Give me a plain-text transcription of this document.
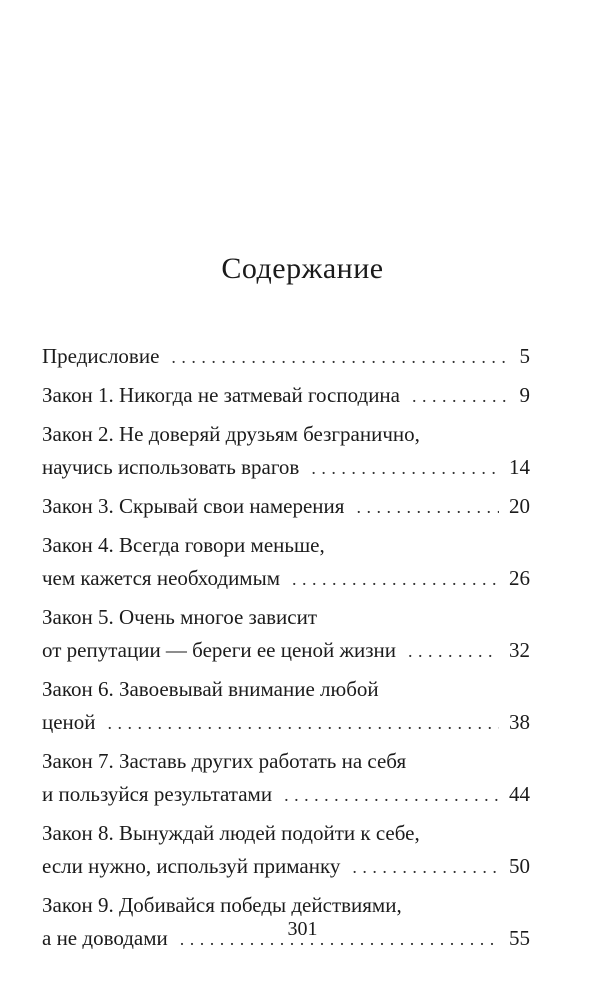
Содержание
Предисловие . . .	5
Закон 1. Никогда не затмевай господина . . .	9
Закон 2. Не доверяй друзьям безгранично,
научись использовать врагов . . .	14
Закон 3. Скрывай свои намерения . . .	20
Закон 4. Всегда говори меньше,
чем кажется необходимым . . .	26
Закон 5. Очень многое зависит
от репутации — береги ее ценой жизни . . .	32
Закон 6. Завоевывай внимание любой
ценой . . .	38
Закон 7. Заставь других работать на себя
и пользуйся результатами . . .	44
Закон 8. Вынуждай людей подойти к себе,
если нужно, используй приманку . . .	50
Закон 9. Добивайся победы действиями,
а не доводами . . .	55
301
